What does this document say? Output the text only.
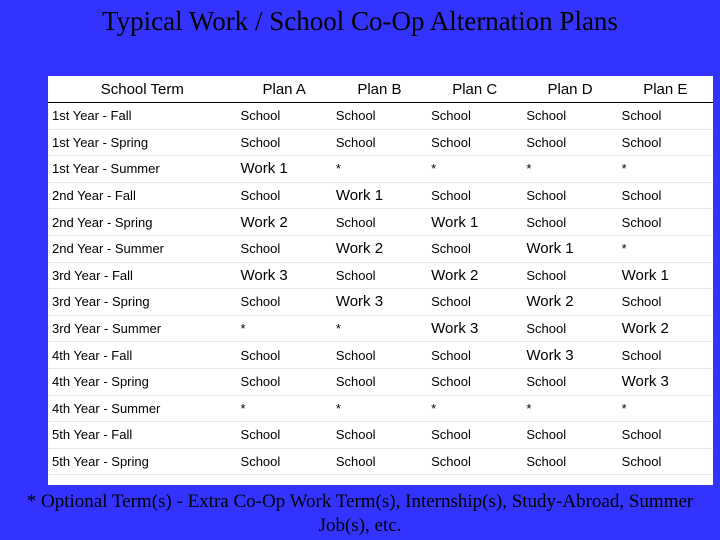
Typical Work / School Co-Op Alternation Plans
School Term	Plan A	Plan B	Plan C	Plan D	Plan E
1st Year - Fall	School	School	School	School	School
1st Year - Spring	School	School	School	School	School
1st Year - Summer	Work 1	*	*	*	*
2nd Year - Fall	School	Work 1	School	School	School
2nd Year - Spring	Work 2	School	Work 1	School	School
2nd Year - Summer	School	Work 2	School	Work 1	*
3rd Year - Fall	Work 3	School	Work 2	School	Work 1
3rd Year - Spring	School	Work 3	School	Work 2	School
3rd Year - Summer	*	*	Work 3	School	Work 2
4th Year - Fall	School	School	School	Work 3	School
4th Year - Spring	School	School	School	School	Work 3
4th Year - Summer	*	*	*	*	*
5th Year - Fall	School	School	School	School	School
5th Year - Spring	School	School	School	School	School
* Optional Term(s) - Extra Co-Op Work Term(s), Internship(s), Study-Abroad, Summer Job(s), etc.
